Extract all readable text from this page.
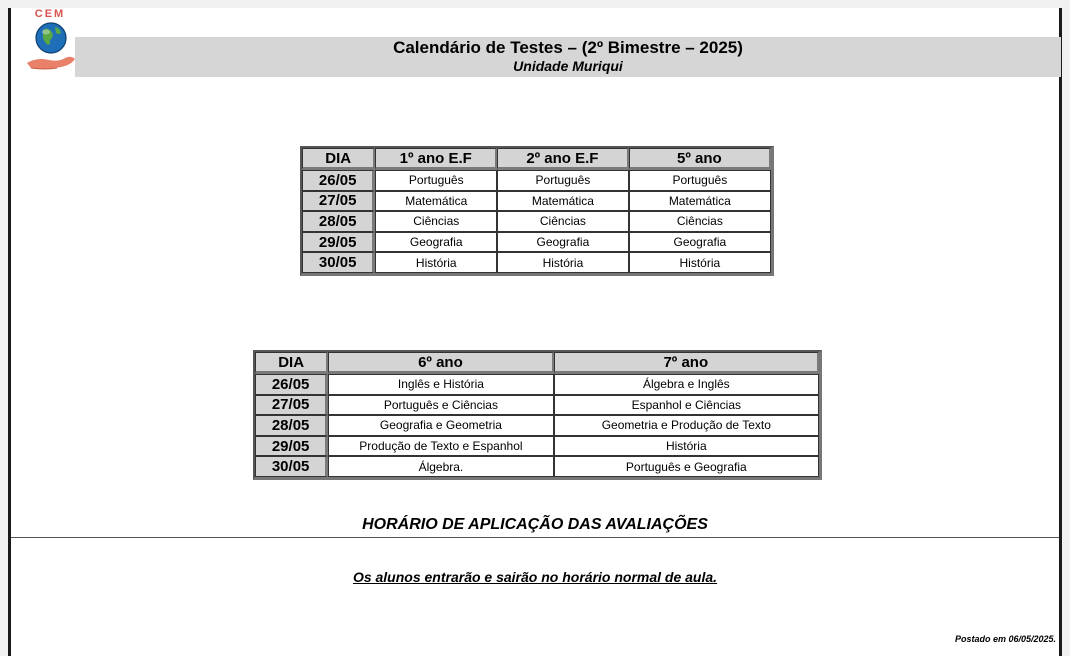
CEM
Calendário de Testes – (2º Bimestre – 2025)
Unidade Muriqui
DIA	1º ano E.F	2º ano E.F	5º ano
26/05	Português	Português	Português
27/05	Matemática	Matemática	Matemática
28/05	Ciências	Ciências	Ciências
29/05	Geografia	Geografia	Geografia
30/05	História	História	História
DIA	6º ano	7º ano
26/05	Inglês e História	Álgebra e Inglês
27/05	Português e Ciências	Espanhol e Ciências
28/05	Geografia e Geometria	Geometria e Produção de Texto
29/05	Produção de Texto e Espanhol	História
30/05	Álgebra.	Português e Geografia
HORÁRIO DE APLICAÇÃO DAS AVALIAÇÕES
Os alunos entrarão e sairão no horário normal de aula.
Postado em 06/05/2025.
